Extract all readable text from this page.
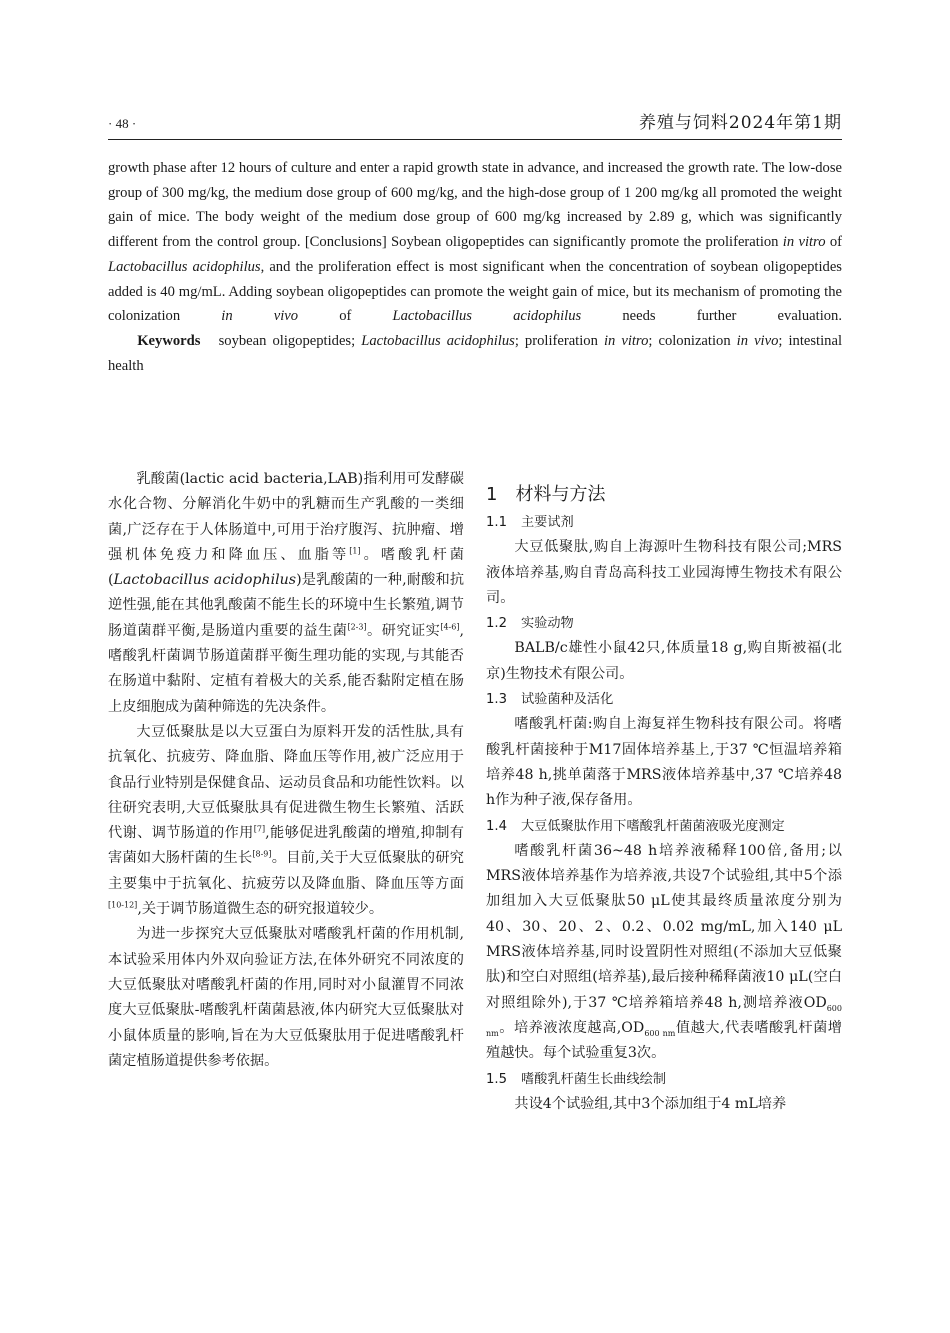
· 48 ·	养殖与饲料2024年第1期

growth phase after 12 hours of culture and enter a rapid growth state in advance, and increased the growth rate. The low-dose group of 300 mg/kg, the medium dose group of 600 mg/kg, and the high-dose group of 1 200 mg/kg all promoted the weight gain of mice. The body weight of the medium dose group of 600 mg/kg increased by 2.89 g, which was significantly different from the control group. [Conclusions] Soybean oligopeptides can significantly promote the proliferation in vitro of Lactobacillus acidophilus, and the proliferation effect is most significant when the concentration of soybean oligopeptides added is 40 mg/mL. Adding soybean oligopeptides can promote the weight gain of mice, but its mechanism of promoting the colonization in vivo of Lactobacillus acidophilus needs further evaluation.

Keywords soybean oligopeptides; Lactobacillus acidophilus; proliferation in vitro; colonization in vivo; intestinal health

乳酸菌(lactic acid bacteria,LAB)指利用可发酵碳水化合物、分解消化牛奶中的乳糖而生产乳酸的一类细菌,广泛存在于人体肠道中,可用于治疗腹泻、抗肿瘤、增强机体免疫力和降血压、血脂等[1]。嗜酸乳杆菌(Lactobacillus acidophilus)是乳酸菌的一种,耐酸和抗逆性强,能在其他乳酸菌不能生长的环境中生长繁殖,调节肠道菌群平衡,是肠道内重要的益生菌[2-3]。研究证实[4-6],嗜酸乳杆菌调节肠道菌群平衡生理功能的实现,与其能否在肠道中黏附、定植有着极大的关系,能否黏附定植在肠上皮细胞成为菌种筛选的先决条件。

大豆低聚肽是以大豆蛋白为原料开发的活性肽,具有抗氧化、抗疲劳、降血脂、降血压等作用,被广泛应用于食品行业特别是保健食品、运动员食品和功能性饮料。以往研究表明,大豆低聚肽具有促进微生物生长繁殖、活跃代谢、调节肠道的作用[7],能够促进乳酸菌的增殖,抑制有害菌如大肠杆菌的生长[8-9]。目前,关于大豆低聚肽的研究主要集中于抗氧化、抗疲劳以及降血脂、降血压等方面[10-12],关于调节肠道微生态的研究报道较少。

为进一步探究大豆低聚肽对嗜酸乳杆菌的作用机制,本试验采用体内外双向验证方法,在体外研究不同浓度的大豆低聚肽对嗜酸乳杆菌的作用,同时对小鼠灌胃不同浓度大豆低聚肽-嗜酸乳杆菌菌悬液,体内研究大豆低聚肽对小鼠体质量的影响,旨在为大豆低聚肽用于促进嗜酸乳杆菌定植肠道提供参考依据。

1 材料与方法

1.1 主要试剂

大豆低聚肽,购自上海源叶生物科技有限公司;MRS液体培养基,购自青岛高科技工业园海博生物技术有限公司。

1.2 实验动物

BALB/c雄性小鼠42只,体质量18 g,购自斯被福(北京)生物技术有限公司。

1.3 试验菌种及活化

嗜酸乳杆菌:购自上海复祥生物科技有限公司。将嗜酸乳杆菌接种于M17固体培养基上,于37 ℃恒温培养箱培养48 h,挑单菌落于MRS液体培养基中,37 ℃培养48 h作为种子液,保存备用。

1.4 大豆低聚肽作用下嗜酸乳杆菌菌液吸光度测定

嗜酸乳杆菌36~48 h培养液稀释100倍,备用;以MRS液体培养基作为培养液,共设7个试验组,其中5个添加组加入大豆低聚肽50 μL使其最终质量浓度分别为40、30、20、2、0.2、0.02 mg/mL,加入140 μL MRS液体培养基,同时设置阴性对照组(不添加大豆低聚肽)和空白对照组(培养基),最后接种稀释菌液10 μL(空白对照组除外),于37 ℃培养箱培养48 h,测培养液$OD_{600 nm}$。培养液浓度越高$,OD_{600 nm}$值越大,代表嗜酸乳杆菌增殖越快。每个试验重复3次。

1.5 嗜酸乳杆菌生长曲线绘制

共设4个试验组,其中3个添加组于4 mL培养
